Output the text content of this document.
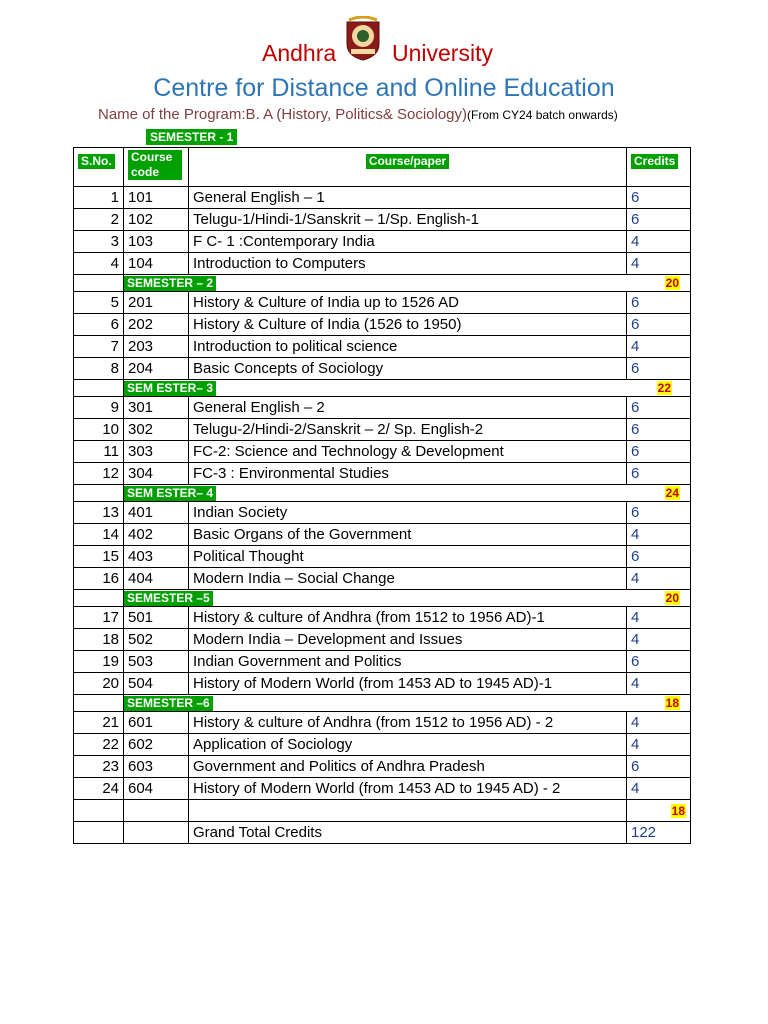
Andhra University
Centre for Distance and Online Education
Name of the Program:B. A (History, Politics& Sociology)(From CY24 batch onwards)
SEMESTER - 1
S.No.	Course code	Course/paper	Credits
1	101	General English – 1	6
2	102	Telugu-1/Hindi-1/Sanskrit – 1/Sp. English-1	6
3	103	F C- 1 :Contemporary India	4
4	104	Introduction to Computers	4
	SEMESTER – 2 20		

5	201	History & Culture of India up to 1526 AD	6
6	202	History & Culture of India (1526 to 1950)	6
7	203	Introduction to political science	4
8	204	Basic Concepts of Sociology	6
	SEM ESTER– 3 22		

9	301	General English – 2	6
10	302	Telugu-2/Hindi-2/Sanskrit – 2/ Sp. English-2	6
11	303	FC-2: Science and Technology & Development	6
12	304	FC-3 : Environmental Studies	6
	SEM ESTER– 4 24		

13	401	Indian Society	6
14	402	Basic Organs of the Government	4
15	403	Political Thought	6
16	404	Modern India – Social Change	4
	SEMESTER –5 20		

17	501	History & culture of Andhra (from 1512 to 1956 AD)-1	4
18	502	Modern India – Development and Issues	4
19	503	Indian Government and Politics	6
20	504	History of Modern World (from 1453 AD to 1945 AD)-1	4
	SEMESTER –6 18		

21	601	History & culture of Andhra (from 1512 to 1956 AD) - 2	4
22	602	Application of Sociology	4
23	603	Government and Politics of Andhra Pradesh	6
24	604	History of Modern World (from 1453 AD to 1945 AD) - 2	4
			18
		Grand Total Credits	122
